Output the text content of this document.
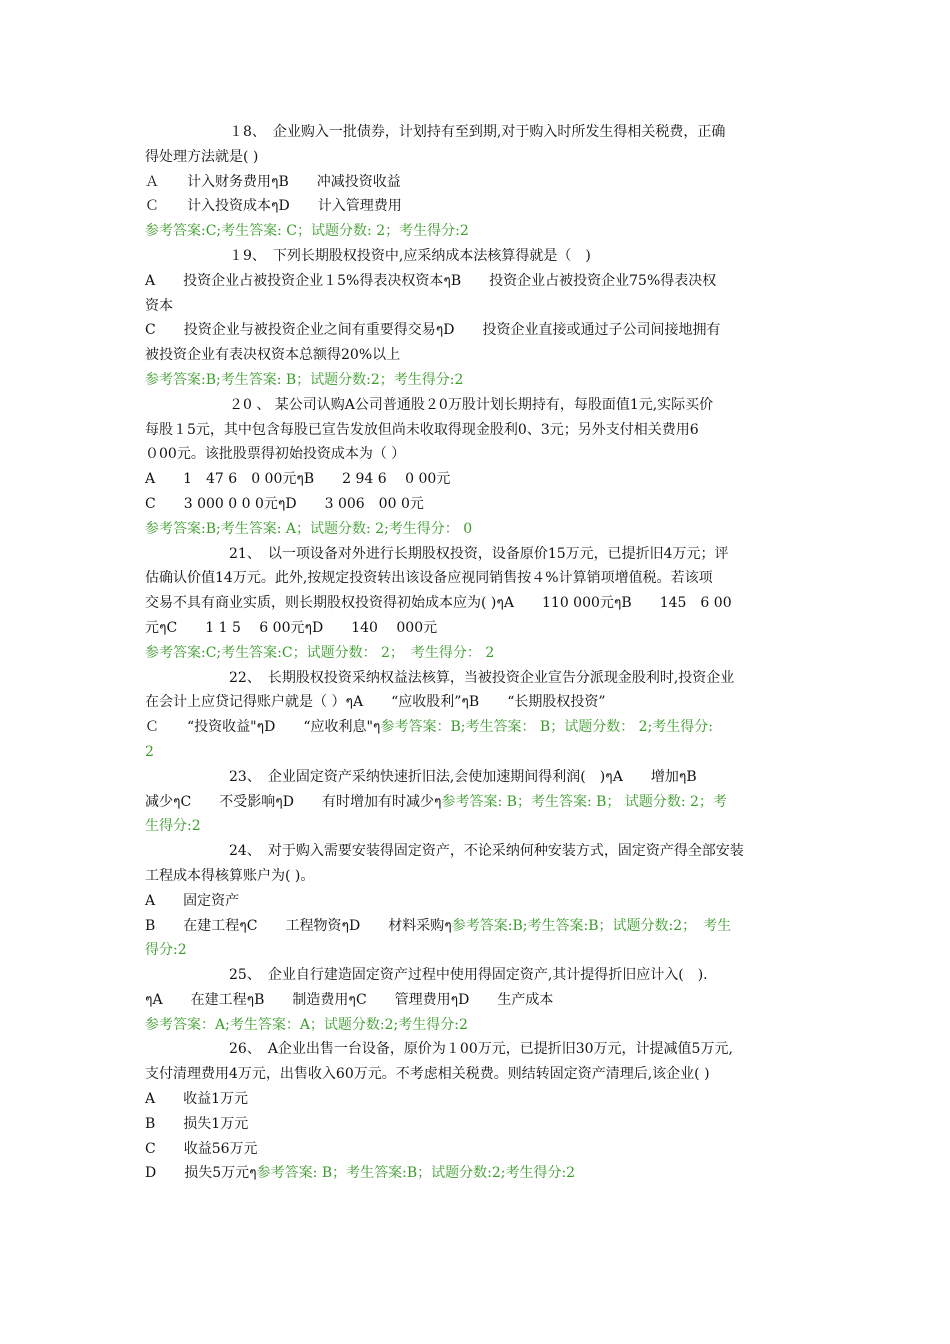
１8、　企业购入一批债券，计划持有至到期,对于购入时所发生得相关税费，正确
得处理方法就是( )
Ａ　　计入财务费用ๆB　　冲减投资收益
Ｃ　　计入投资成本ๆD　　计入管理费用
参考答案:C;考生答案: C；试题分数: 2；考生得分:2
１9、　下列长期股权投资中,应采纳成本法核算得就是（　)
A　　投资企业占被投资企业１5%得表决权资本ๆB　　投资企业占被投资企业75%得表决权
资本
C　　投资企业与被投资企业之间有重要得交易ๆD　　投资企业直接或通过子公司间接地拥有
被投资企业有表决权资本总额得20%以上
参考答案:B;考生答案: B；试题分数:2；考生得分:2
２0 、 某公司认购A公司普通股２0万股计划长期持有，每股面值1元,实际买价
每股１5元，其中包含每股已宣告发放但尚未收取得现金股利0、3元；另外支付相关费用6
０00元。该批股票得初始投资成本为（ ）
A　　1　47 6　0 00元ๆB　　2 94 6　 0 00元
C　　3 000 0 0 0元ๆD　　3 006　00 0元
参考答案:B;考生答案: A；试题分数: 2;考生得分： 0
21、　以一项设备对外进行长期股权投资，设备原价15万元，已提折旧4万元；评
估确认价值14万元。此外,按规定投资转出该设备应视同销售按４%计算销项增值税。若该项
交易不具有商业实质，则长期股权投资得初始成本应为( )ๆA　　110 000元ๆB　　145　6 00
元ๆC　　1 1 5　 6 00元ๆD　　140　 000元
参考答案:C;考生答案:C；试题分数： 2；　考生得分： 2
22、　长期股权投资采纳权益法核算，当被投资企业宣告分派现金股利时,投资企业
在会计上应贷记得账户就是（ ）ๆA　　“应收股利”ๆB　　“长期股权投资”
Ｃ　　“投资收益"ๆD　　“应收利息"ๆ参考答案：B;考生答案： B；试题分数： 2;考生得分:
2
23、　企业固定资产采纳快速折旧法,会使加速期间得利润(　)ๆA　　增加ๆB
减少ๆC　　不受影响ๆD　　有时增加有时减少ๆ参考答案: B；考生答案: B； 试题分数: 2；考
生得分:2
24、　对于购入需要安装得固定资产，不论采纳何种安装方式，固定资产得全部安装
工程成本得核算账户为( )。
A　　固定资产
B　　在建工程ๆC　　工程物资ๆD　　材料采购ๆ参考答案:B;考生答案:B；试题分数:2；　考生
得分:2
25、　企业自行建造固定资产过程中使用得固定资产,其计提得折旧应计入(　).
ๆA　　在建工程ๆB　　制造费用ๆC　　管理费用ๆD　　生产成本
参考答案：A;考生答案：A；试题分数:2;考生得分:2
26、　A企业出售一台设备，原价为１00万元，已提折旧30万元，计提减值5万元,
支付清理费用4万元，出售收入60万元。不考虑相关税费。则结转固定资产清理后,该企业( )
A　　收益1万元
B　　损失1万元
C　　收益56万元
D　　损失5万元ๆ参考答案: B；考生答案:B；试题分数:2;考生得分:2
